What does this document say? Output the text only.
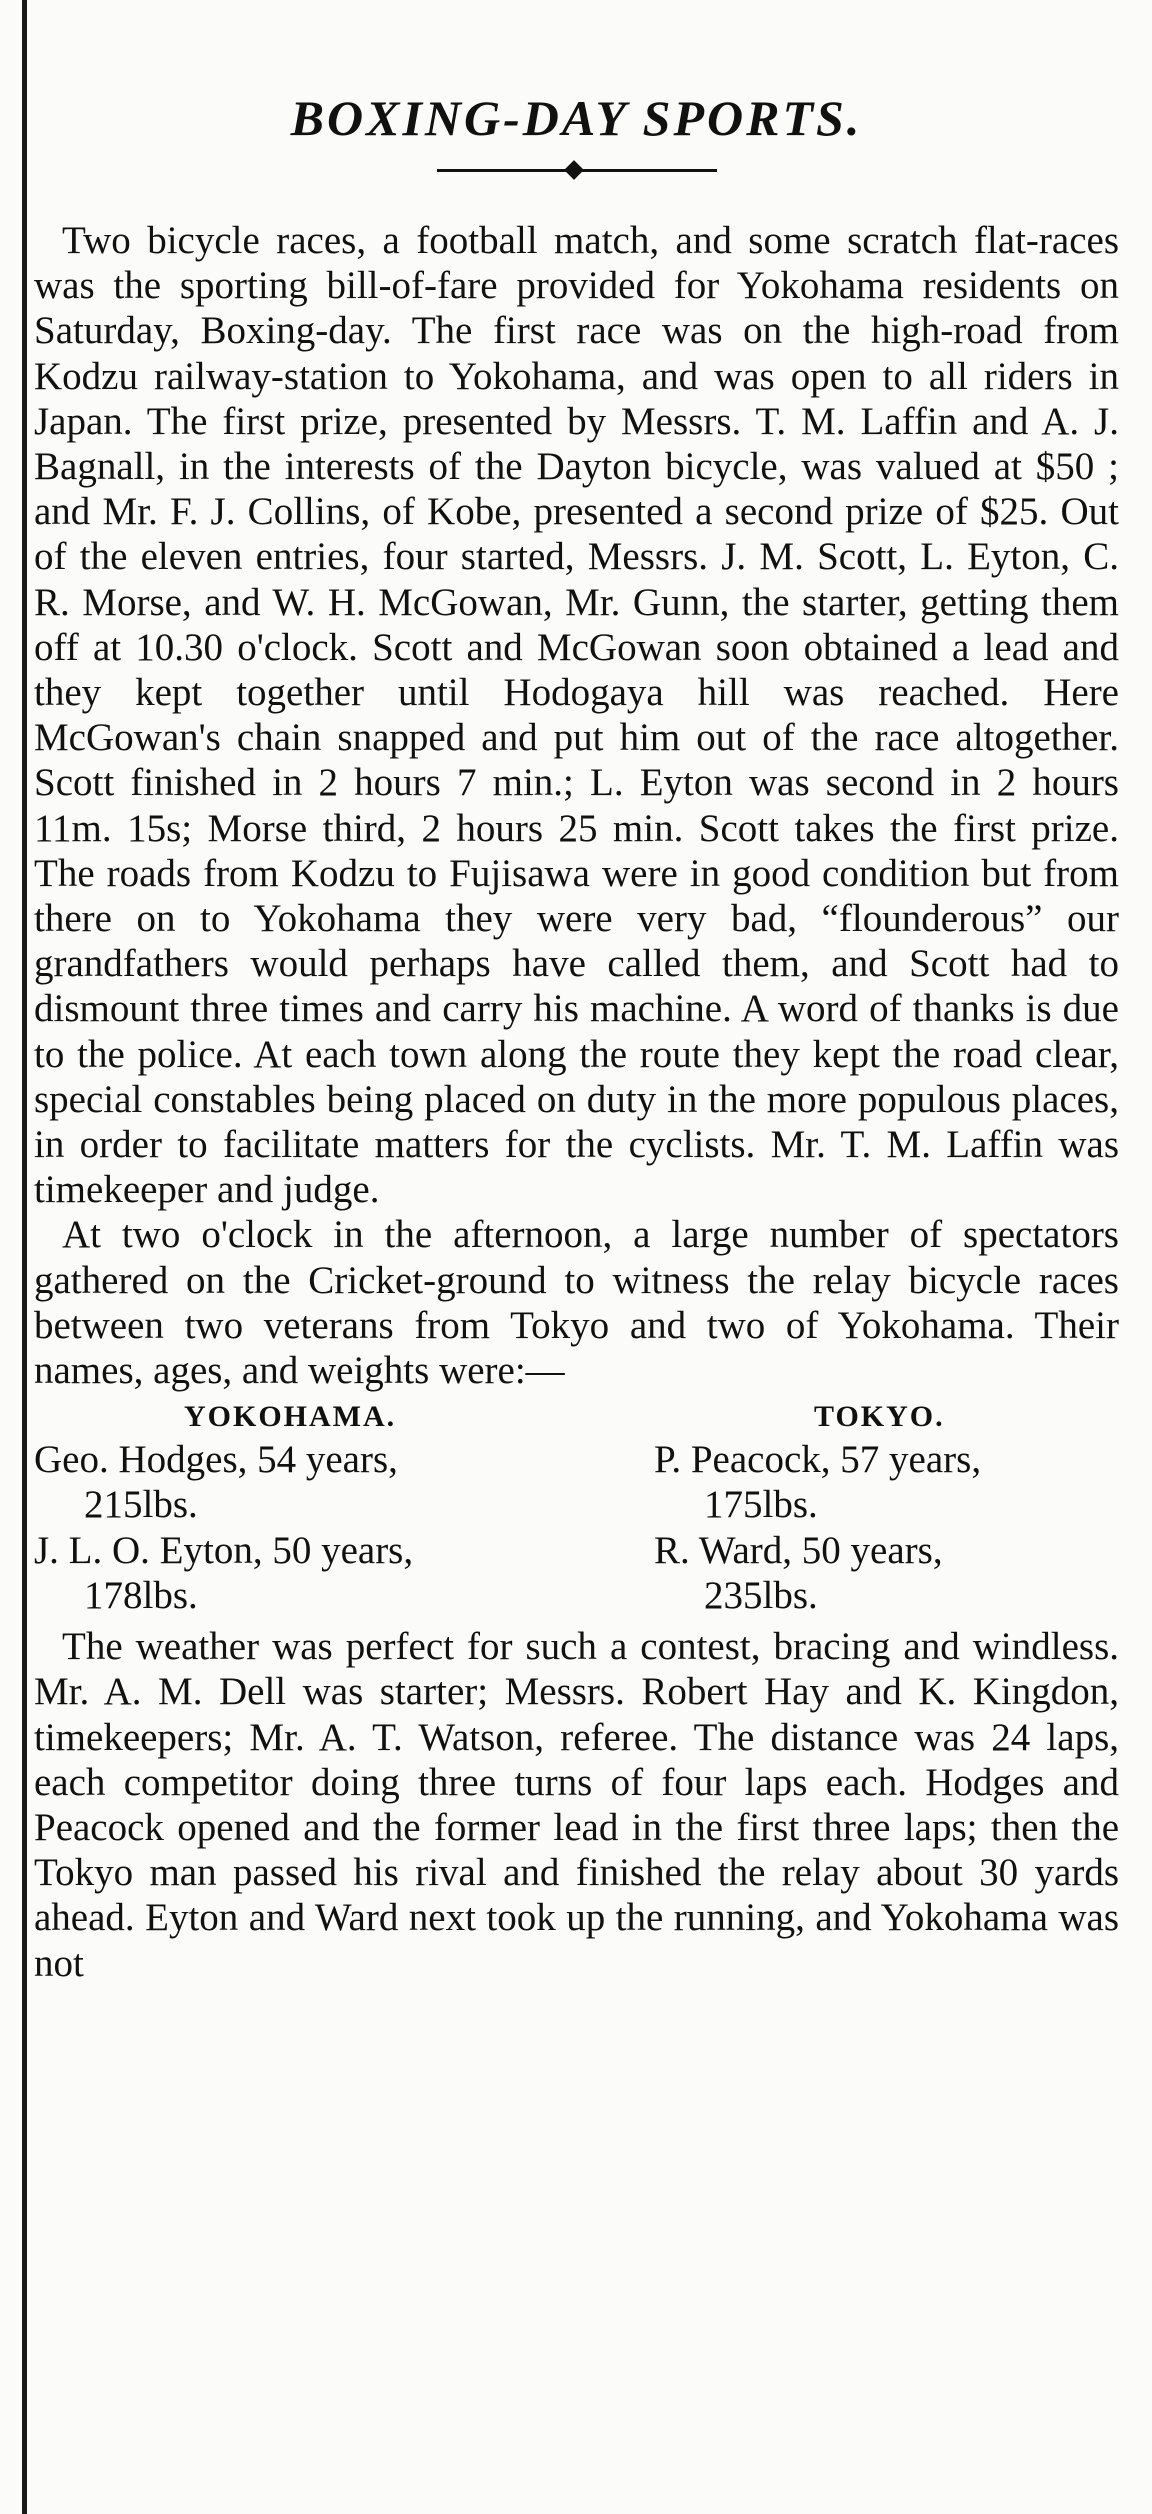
BOXING-DAY SPORTS.

Two bicycle races, a football match, and some scratch flat-races was the sporting bill-of-fare provided for Yokohama residents on Saturday, Boxing-day. The first race was on the high-road from Kodzu railway-station to Yokohama, and was open to all riders in Japan. The first prize, presented by Messrs. T. M. Laffin and A. J. Bagnall, in the interests of the Dayton bicycle, was valued at $50 ; and Mr. F. J. Collins, of Kobe, presented a second prize of $25. Out of the eleven entries, four started, Messrs. J. M. Scott, L. Eyton, C. R. Morse, and W. H. McGowan, Mr. Gunn, the starter, getting them off at 10.30 o'clock. Scott and McGowan soon obtained a lead and they kept together until Hodogaya hill was reached. Here McGowan's chain snapped and put him out of the race altogether. Scott finished in 2 hours 7 min.; L. Eyton was second in 2 hours 11m. 15s; Morse third, 2 hours 25 min. Scott takes the first prize. The roads from Kodzu to Fujisawa were in good condition but from there on to Yokohama they were very bad, “flounderous” our grandfathers would perhaps have called them, and Scott had to dismount three times and carry his machine. A word of thanks is due to the police. At each town along the route they kept the road clear, special constables being placed on duty in the more populous places, in order to facilitate matters for the cyclists. Mr. T. M. Laffin was timekeeper and judge.

At two o'clock in the afternoon, a large number of spectators gathered on the Cricket-ground to witness the relay bicycle races between two veterans from Tokyo and two of Yokohama. Their names, ages, and weights were:—

YOKOHAMA.	TOKYO.
Geo. Hodges, 54 years,
215lbs.
P. Peacock, 57 years,
175lbs.
J. L. O. Eyton, 50 years,
178lbs.
R. Ward, 50 years,
235lbs.

The weather was perfect for such a contest, bracing and windless. Mr. A. M. Dell was starter; Messrs. Robert Hay and K. Kingdon, timekeepers; Mr. A. T. Watson, referee. The distance was 24 laps, each competitor doing three turns of four laps each. Hodges and Peacock opened and the former lead in the first three laps; then the Tokyo man passed his rival and finished the relay about 30 yards ahead. Eyton and Ward next took up the running, and Yokohama was not
